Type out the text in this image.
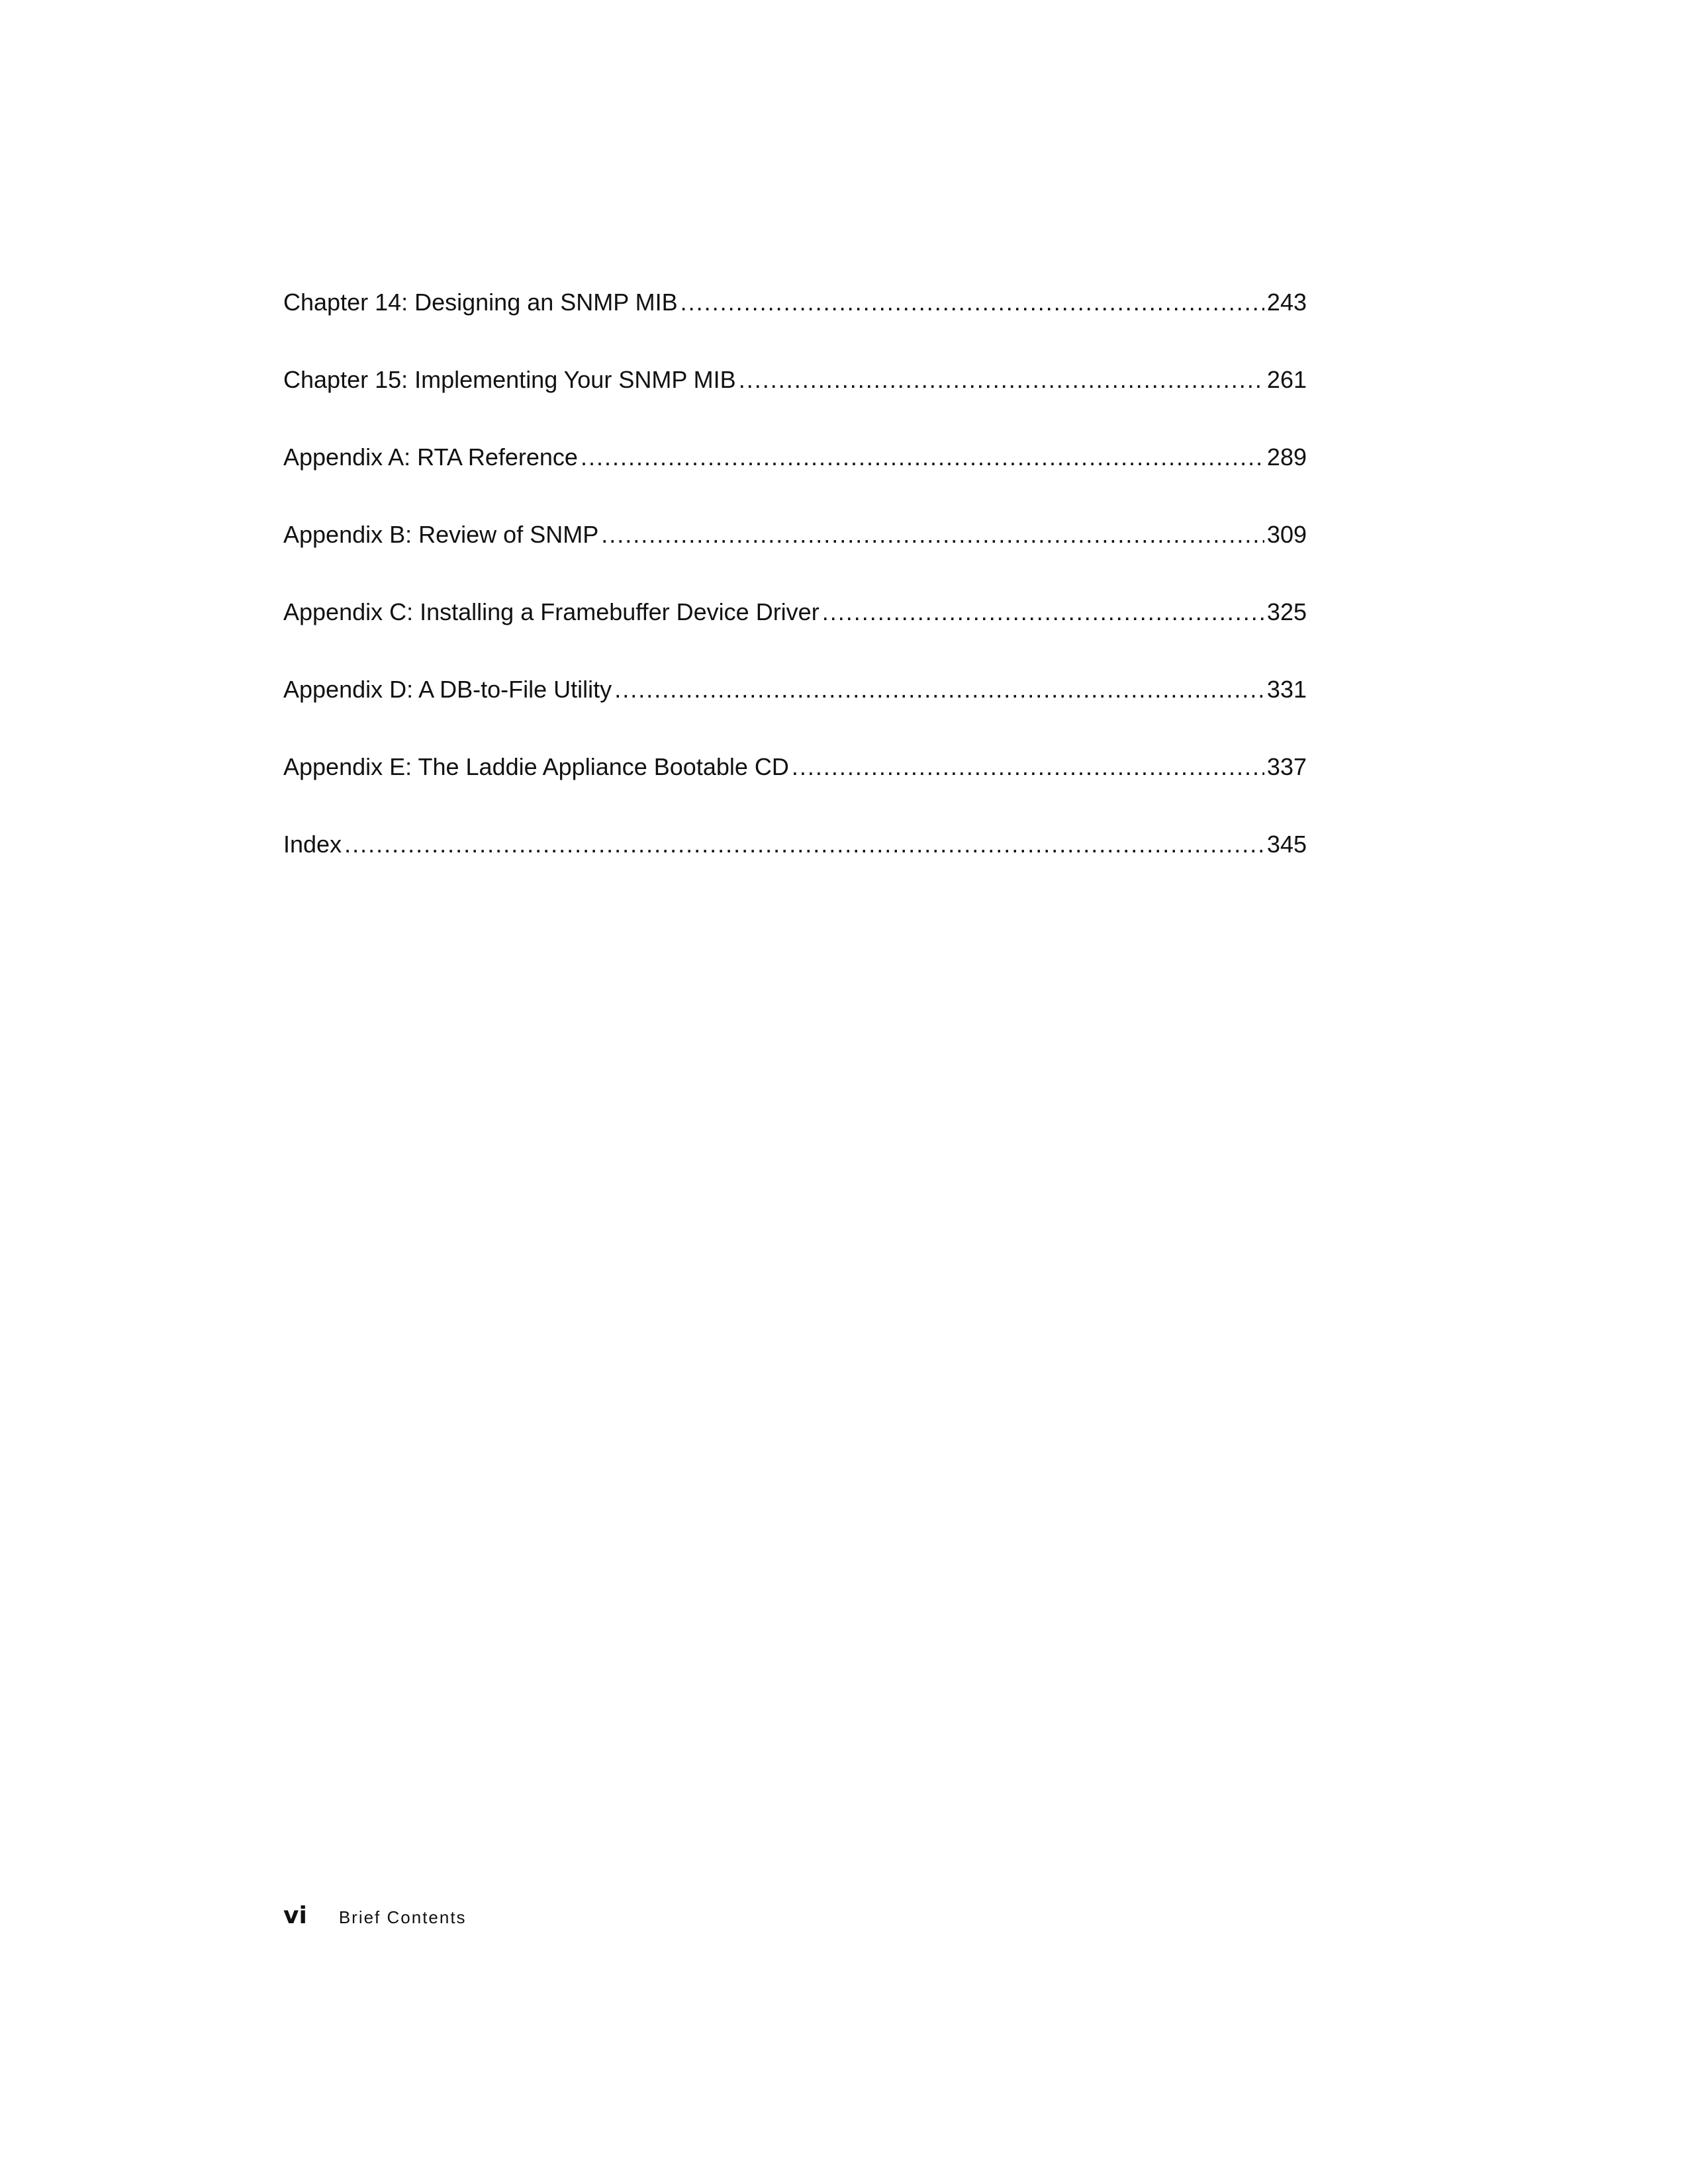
Chapter 14: Designing an SNMP MIB .....	243
Chapter 15: Implementing Your SNMP MIB .....	261
Appendix A: RTA Reference .....	289
Appendix B: Review of SNMP .....	309
Appendix C: Installing a Framebuffer Device Driver .....	325
Appendix D: A DB-to-File Utility .....	331
Appendix E: The Laddie Appliance Bootable CD .....	337
Index .....	345
vi Brief Contents
